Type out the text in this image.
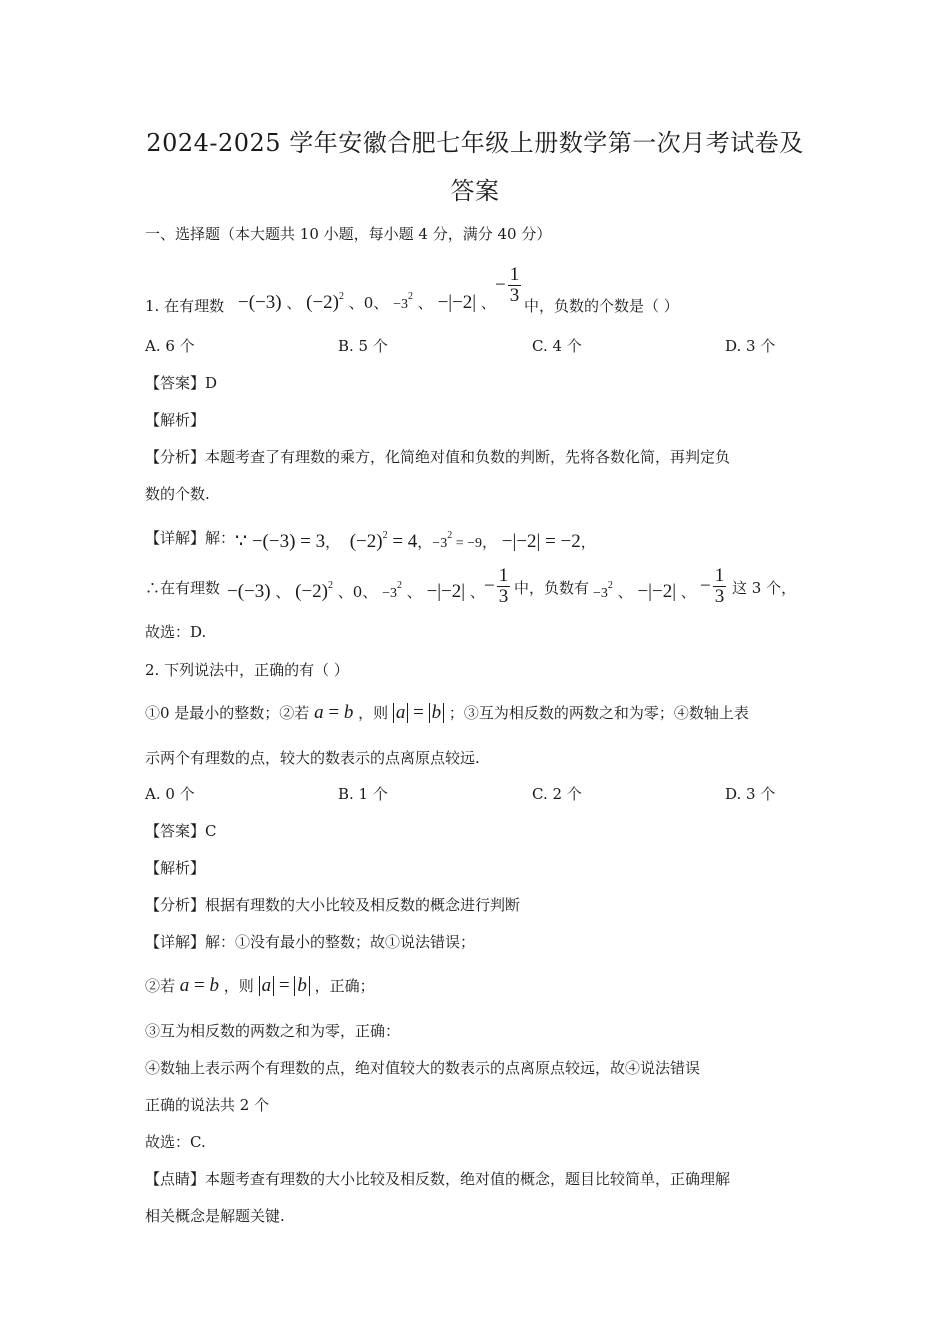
2024-2025 学年安徽合肥七年级上册数学第一次月考试卷及
答案
一、选择题（本大题共 10 小题，每小题 4 分，满分 40 分）
1. 在有理数 −(−3) 、 $(-2)^2$ 、0、 $-3^2$ 、 −|−2| 、
− $\frac{1}{3}$ 中，负数的个数是（ ）
A. 6 个	B. 5 个	C. 4 个	D. 3 个
【答案】D
【解析】
【分析】本题考查了有理数的乘方，化简绝对值和负数的判断，先将各数化简，再判定负
数的个数.
【详解】解： ∵ −(−3) = 3，  $(-2)^2 = 4$，$-3^2 = -9$， −|−2| = −2，
∴在有理数 −(−3) 、 $(-2)^2$ 、0、 $-3^2$ 、 −|−2| 、 − $\frac{1}{3}$ 中，负数有 $-3^2$ 、 −|−2| 、 − $\frac{1}{3}$ 这 3 个，
故选：D.
2. 下列说法中，正确的有（ ）
①0 是最小的整数；②若 a = b ，则 a = b ；③互为相反数的两数之和为零；④数轴上表
示两个有理数的点，较大的数表示的点离原点较远.
A. 0 个	B. 1 个	C. 2 个	D. 3 个
【答案】C
【解析】
【分析】根据有理数的大小比较及相反数的概念进行判断
【详解】解：①没有最小的整数；故①说法错误；
②若 a = b ，则 a = b ，正确；
③互为相反数的两数之和为零，正确：
④数轴上表示两个有理数的点，绝对值较大的数表示的点离原点较远，故④说法错误
正确的说法共 2 个
故选：C.
【点睛】本题考查有理数的大小比较及相反数，绝对值的概念，题目比较简单，正确理解
相关概念是解题关键.
